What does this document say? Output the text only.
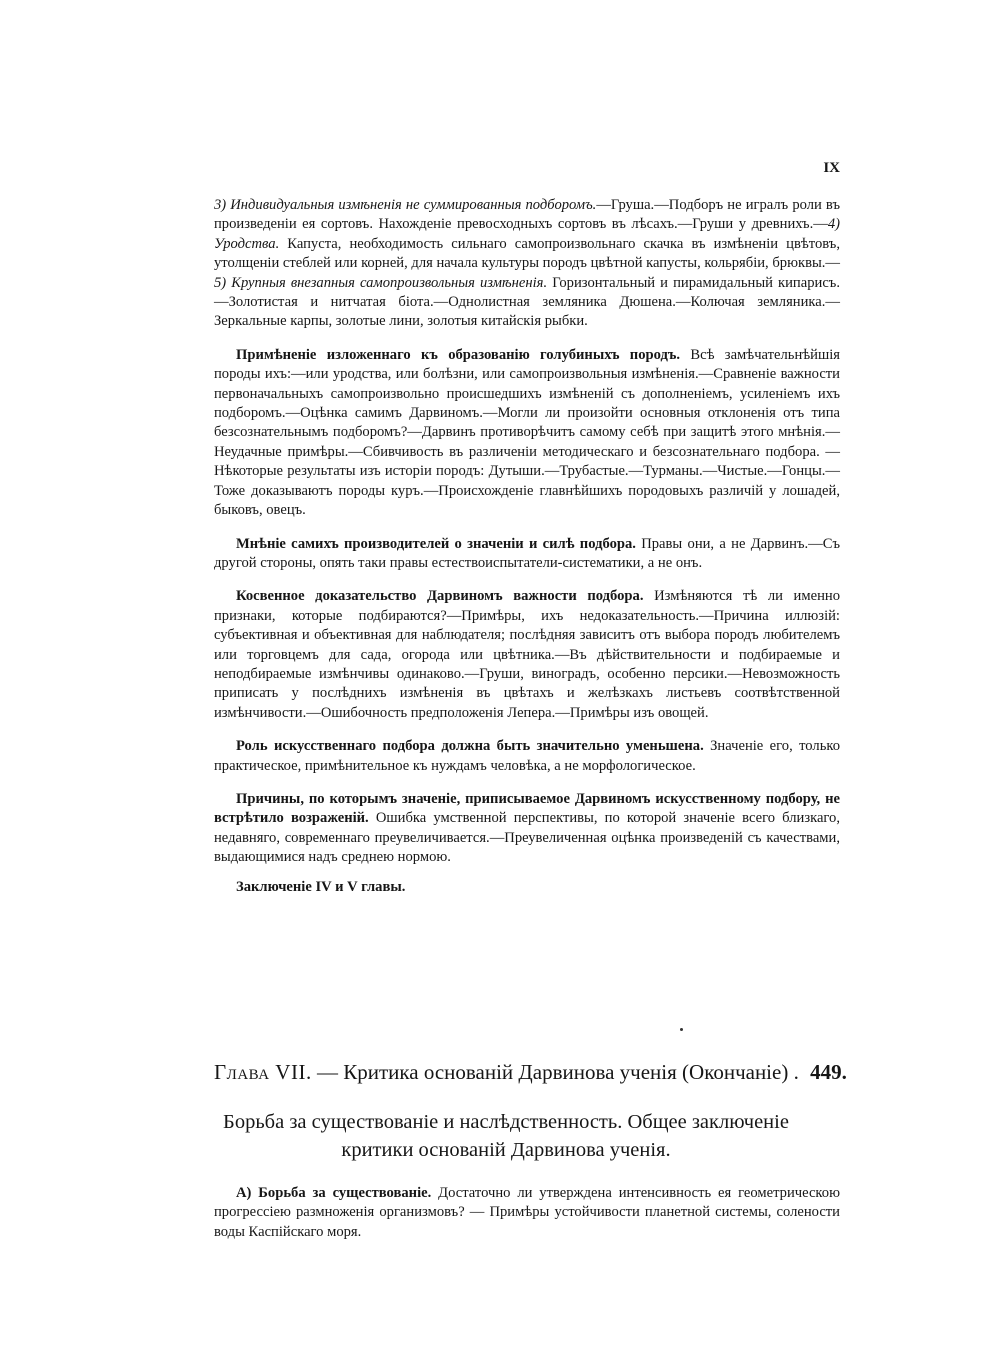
IX

3) Индивидуальныя измѣненія не суммированныя подборомъ.—Груша.—Подборъ не игралъ роли въ произведеніи ея сортовъ. Нахожденіе превосходныхъ сортовъ въ лѣсахъ.—Груши у древнихъ.—4) Уродства. Капуста, необходимость сильнаго самопроизвольнаго скачка въ измѣненіи цвѣтовъ, утолщеніи стеблей или корней, для начала культуры породъ цвѣтной капусты, кольрябіи, брюквы.—5) Крупныя внезапныя самопроизвольныя измѣненія. Горизонтальный и пирамидальный кипарисъ.—Золотистая и нитчатая біота.—Однолистная земляника Дюшена.—Колючая земляника.—Зеркальные карпы, золотые лини, золотыя китайскія рыбки.

Примѣненіе изложеннаго къ образованію голубиныхъ породъ. Всѣ замѣчательнѣйшія породы ихъ:—или уродства, или болѣзни, или самопроизвольныя измѣненія.—Сравненіе важности первоначальныхъ самопроизвольно происшедшихъ измѣненій съ дополненіемъ, усиленіемъ ихъ подборомъ.—Оцѣнка самимъ Дарвиномъ.—Могли ли произойти основныя отклоненія отъ типа безсознательнымъ подборомъ?—Дарвинъ противорѣчитъ самому себѣ при защитѣ этого мнѣнія.—Неудачные примѣры.—Сбивчивость въ различеніи методическаго и безсознательнаго подбора. — Нѣкоторые результаты изъ исторіи породъ: Дутыши.—Трубастые.—Турманы.—Чистые.—Гонцы.—Тоже доказываютъ породы куръ.—Происхожденіе главнѣйшихъ породовыхъ различій у лошадей, быковъ, овецъ.

Мнѣніе самихъ производителей о значеніи и силѣ подбора. Правы они, а не Дарвинъ.—Съ другой стороны, опять таки правы естествоиспытатели-систематики, а не онъ.

Косвенное доказательство Дарвиномъ важности подбора. Измѣняются тѣ ли именно признаки, которые подбираются?—Примѣры, ихъ недоказательность.—Причина иллюзій: субъективная и объективная для наблюдателя; послѣдняя зависитъ отъ выбора породъ любителемъ или торговцемъ для сада, огорода или цвѣтника.—Въ дѣйствительности и подбираемые и неподбираемые измѣнчивы одинаково.—Груши, виноградъ, особенно персики.—Невозможность приписать у послѣднихъ измѣненія въ цвѣтахъ и желѣзкахъ листьевъ соотвѣтственной измѣнчивости.—Ошибочность предположенія Лепера.—Примѣры изъ овощей.

Роль искусственнаго подбора должна быть значительно уменьшена. Значеніе его, только практическое, примѣнительное къ нуждамъ человѣка, а не морфологическое.

Причины, по которымъ значеніе, приписываемое Дарвиномъ искусственному подбору, не встрѣтило возраженій. Ошибка умственной перспективы, по которой значеніе всего близкаго, недавняго, современнаго преувеличивается.—Преувеличенная оцѣнка произведеній съ качествами, выдающимися надъ среднею нормою.

Заключеніе IV и V главы.

Глава VII. — Критика основаній Дарвинова ученія (Окончаніе) . 449.
Борьба за существованіе и наслѣдственность. Общее заключеніе
критики основаній Дарвинова ученія.

А) Борьба за существованіе. Достаточно ли утверждена интенсивность ея геометрическою прогрессіею размноженія организмовъ? — Примѣры устойчивости планетной системы, солености воды Каспійскаго моря.
